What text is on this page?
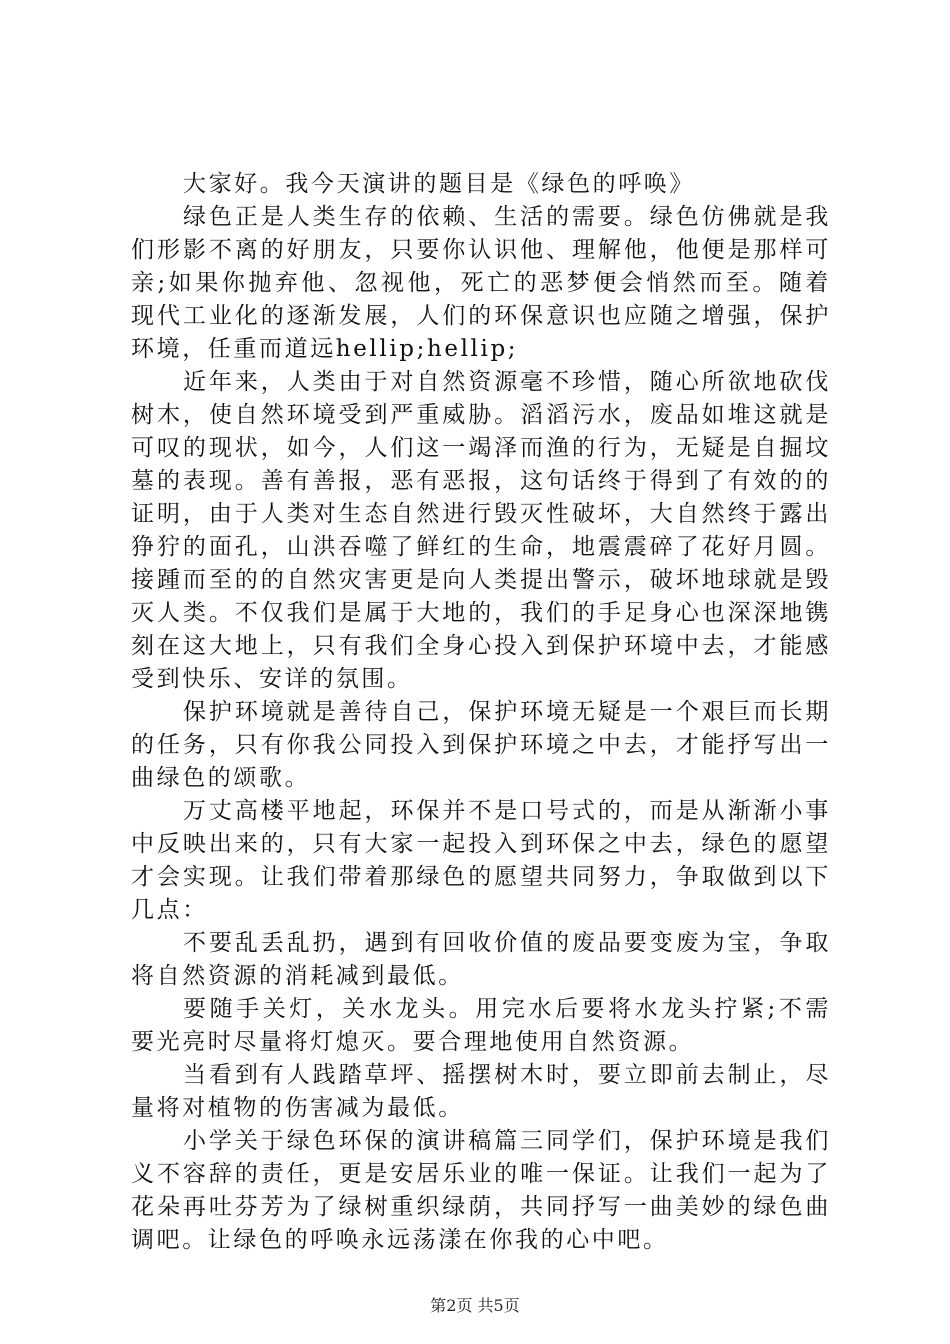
大家好。我今天演讲的题目是《绿色的呼唤》

绿色正是人类生存的依赖、生活的需要。绿色仿佛就是我们形影不离的好朋友，只要你认识他、理解他，他便是那样可亲;如果你抛弃他、忽视他，死亡的恶梦便会悄然而至。随着现代工业化的逐渐发展，人们的环保意识也应随之增强，保护环境，任重而道远hellip;hellip;

近年来，人类由于对自然资源毫不珍惜，随心所欲地砍伐树木，使自然环境受到严重威胁。滔滔污水，废品如堆这就是可叹的现状，如今，人们这一竭泽而渔的行为，无疑是自掘坟墓的表现。善有善报，恶有恶报，这句话终于得到了有效的的证明，由于人类对生态自然进行毁灭性破坏，大自然终于露出狰狞的面孔，山洪吞噬了鲜红的生命，地震震碎了花好月圆。接踵而至的的自然灾害更是向人类提出警示，破坏地球就是毁灭人类。不仅我们是属于大地的，我们的手足身心也深深地镌刻在这大地上，只有我们全身心投入到保护环境中去，才能感受到快乐、安详的氛围。

保护环境就是善待自己，保护环境无疑是一个艰巨而长期的任务，只有你我公同投入到保护环境之中去，才能抒写出一曲绿色的颂歌。

万丈高楼平地起，环保并不是口号式的，而是从渐渐小事中反映出来的，只有大家一起投入到环保之中去，绿色的愿望才会实现。让我们带着那绿色的愿望共同努力，争取做到以下几点：

不要乱丢乱扔，遇到有回收价值的废品要变废为宝，争取将自然资源的消耗减到最低。

要随手关灯，关水龙头。用完水后要将水龙头拧紧;不需要光亮时尽量将灯熄灭。要合理地使用自然资源。

当看到有人践踏草坪、摇摆树木时，要立即前去制止，尽量将对植物的伤害减为最低。

小学关于绿色环保的演讲稿篇三同学们，保护环境是我们义不容辞的责任，更是安居乐业的唯一保证。让我们一起为了花朵再吐芬芳为了绿树重织绿荫，共同抒写一曲美妙的绿色曲调吧。让绿色的呼唤永远荡漾在你我的心中吧。

第2页 共5页
